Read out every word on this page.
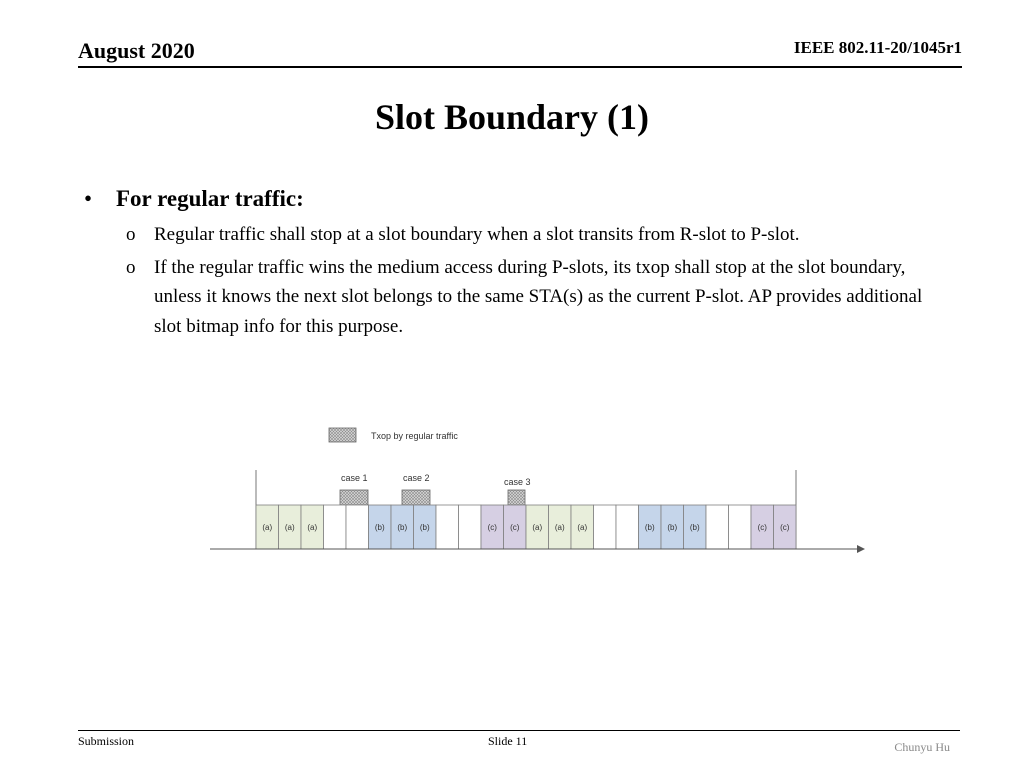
August 2020	IEEE 802.11-20/1045r1
Slot Boundary (1)
•	For regular traffic:
o Regular traffic shall stop at a slot boundary when a slot transits from R-slot to P-slot.
o If the regular traffic wins the medium access during P-slots, its txop shall stop at the slot boundary, unless it knows the next slot belongs to the same STA(s) as the current P-slot. AP provides additional slot bitmap info for this purpose.
Txop by regular traffic
case 1	case 2	case 3
(a) (a) (a)	(b) (b) (b)	(c) (c) (a) (a) (a)	(b) (b) (b)	(c) (c)
Submission	Slide 11	Chunyu Hu
